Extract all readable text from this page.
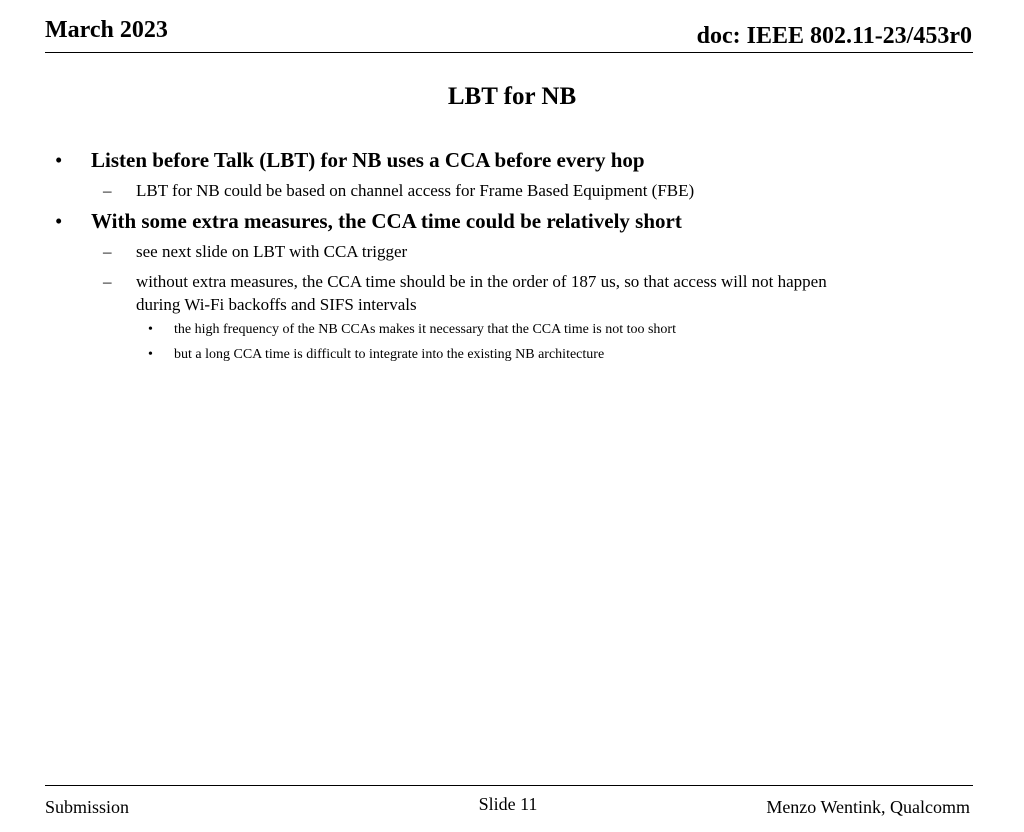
March 2023	doc: IEEE 802.11-23/453r0
LBT for NB
• Listen before Talk (LBT) for NB uses a CCA before every hop
– LBT for NB could be based on channel access for Frame Based Equipment (FBE)
• With some extra measures, the CCA time could be relatively short
– see next slide on LBT with CCA trigger
– without extra measures, the CCA time should be in the order of 187 us, so that access will not happen
during Wi-Fi backoffs and SIFS intervals
• the high frequency of the NB CCAs makes it necessary that the CCA time is not too short
• but a long CCA time is difficult to integrate into the existing NB architecture
Submission	Slide 11	Menzo Wentink, Qualcomm
